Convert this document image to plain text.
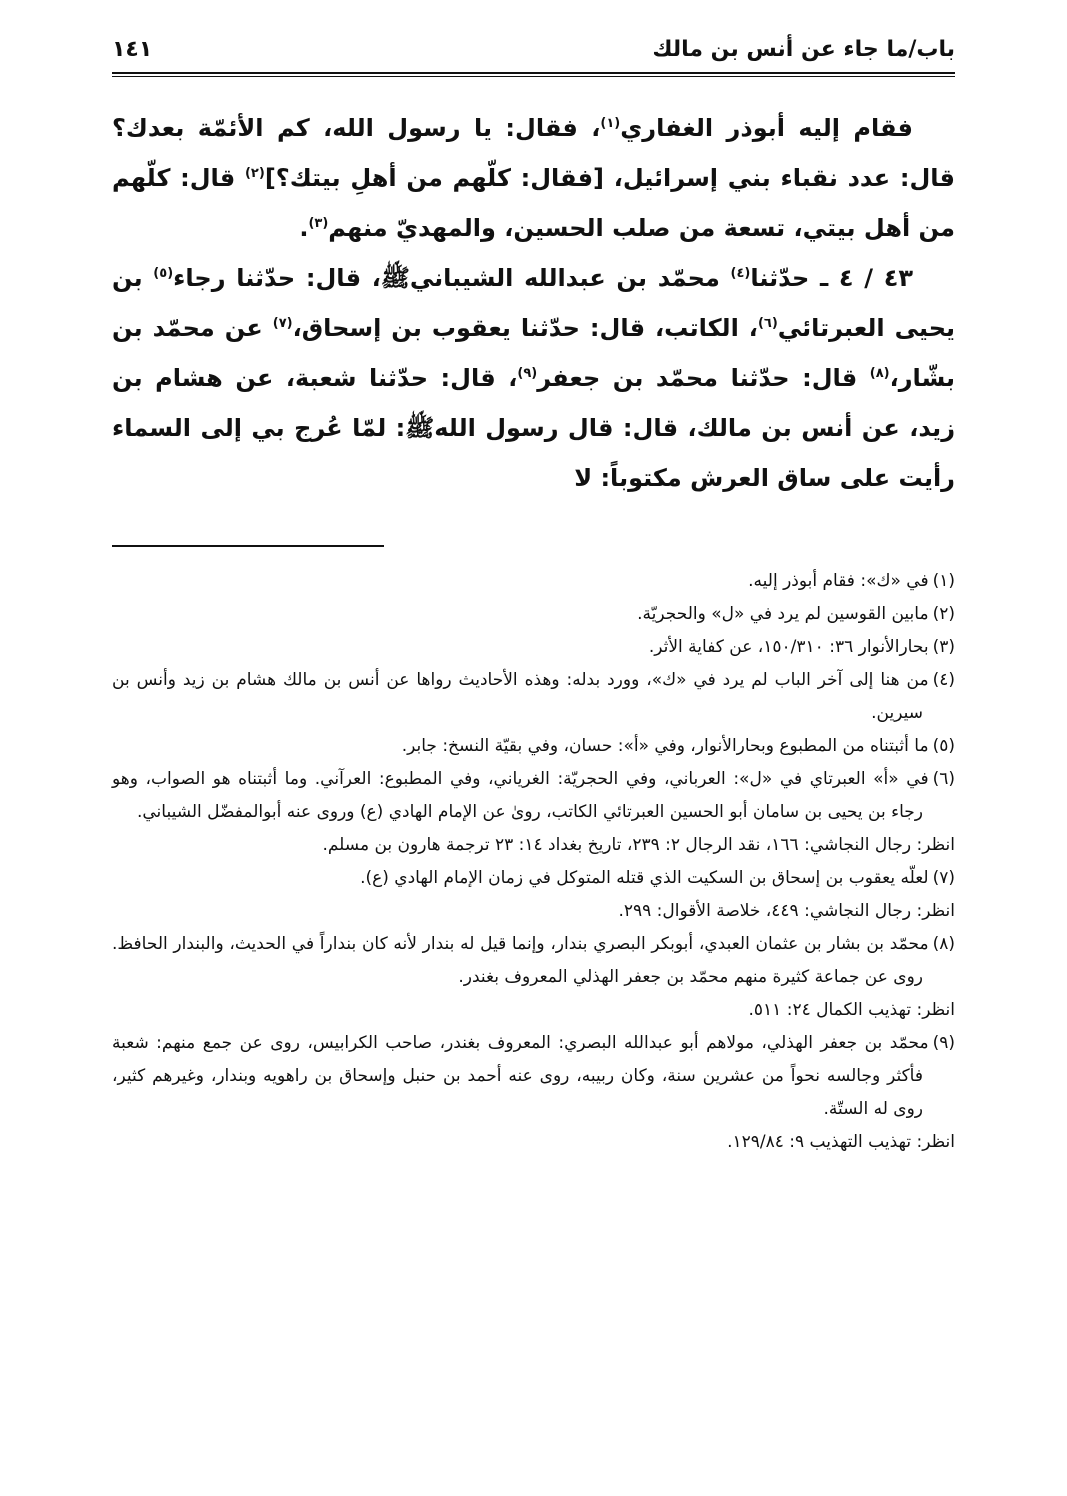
باب/ما جاء عن أنس بن مالك
١٤١

فقام إليه أبوذر الغفاري$^{(١)}$، فقال: يا رسول الله، كم الأئمّة بعدك؟ قال: عدد نقباء بني إسرائيل، [فقال: كلّهم من أهلِ بيتك؟]$^{(٢)}$ قال: كلّهم من أهل بيتي، تسعة من صلب الحسين، والمهديّ منهم$^{(٣)}$.

٤٣ / ٤ ـ حدّثنا$^{(٤)}$ محمّد بن عبدالله الشيبانيﷺ، قال: حدّثنا رجاء$^{(٥)}$ بن يحيى العبرتائي$^{(٦)}$، الكاتب، قال: حدّثنا يعقوب بن إسحاق،$^{(٧)}$ عن محمّد بن بشّار،$^{(٨)}$ قال: حدّثنا محمّد بن جعفر$^{(٩)}$، قال: حدّثنا شعبة، عن هشام بن زيد، عن أنس بن مالك، قال: قال رسول اللهﷺ: لمّا عُرج بي إلى السماء رأيت على ساق العرش مكتوباً: لا

(١)في «ك»: فقام أبوذر إليه.

(٢)مابين القوسين لم يرد في «ل» والحجريّة.

(٣)بحارالأنوار ٣٦: ١٥٠/٣١٠، عن كفاية الأثر.

(٤)من هنا إلى آخر الباب لم يرد في «ك»، وورد بدله: وهذه الأحاديث رواها عن أنس بن مالك هشام بن زيد وأنس بن سيرين.

(٥)ما أثبتناه من المطبوع وبحارالأنوار، وفي «أ»: حسان، وفي بقيّة النسخ: جابر.

(٦)في «أ» العبرتاي في «ل»: العرباني، وفي الحجريّة: الغرياني، وفي المطبوع: العرآني. وما أثبتناه هو الصواب، وهو رجاء بن يحيى بن سامان أبو الحسين العبرتائي الكاتب، روىٰ عن الإمام الهادي (ع) وروى عنه أبوالمفضّل الشيباني.

انظر: رجال النجاشي: ١٦٦، نقد الرجال ٢: ٢٣٩، تاريخ بغداد ١٤: ٢٣ ترجمة هارون بن مسلم.

(٧)لعلّه يعقوب بن إسحاق بن السكيت الذي قتله المتوكل في زمان الإمام الهادي (ع).

انظر: رجال النجاشي: ٤٤٩، خلاصة الأقوال: ٢٩٩.

(٨)محمّد بن بشار بن عثمان العبدي، أبوبكر البصري بندار، وإنما قيل له بندار لأنه كان بنداراً في الحديث، والبندار الحافظ. روى عن جماعة كثيرة منهم محمّد بن جعفر الهذلي المعروف بغندر.

انظر: تهذيب الكمال ٢٤: ٥١١.

(٩)محمّد بن جعفر الهذلي، مولاهم أبو عبدالله البصري: المعروف بغندر، صاحب الكرابيس، روى عن جمع منهم: شعبة فأكثر وجالسه نحواً من عشرين سنة، وكان ربيبه، روى عنه أحمد بن حنبل وإسحاق بن راهويه وبندار، وغيرهم كثير، روى له الستّة.

انظر: تهذيب التهذيب ٩: ١٢٩/٨٤.
